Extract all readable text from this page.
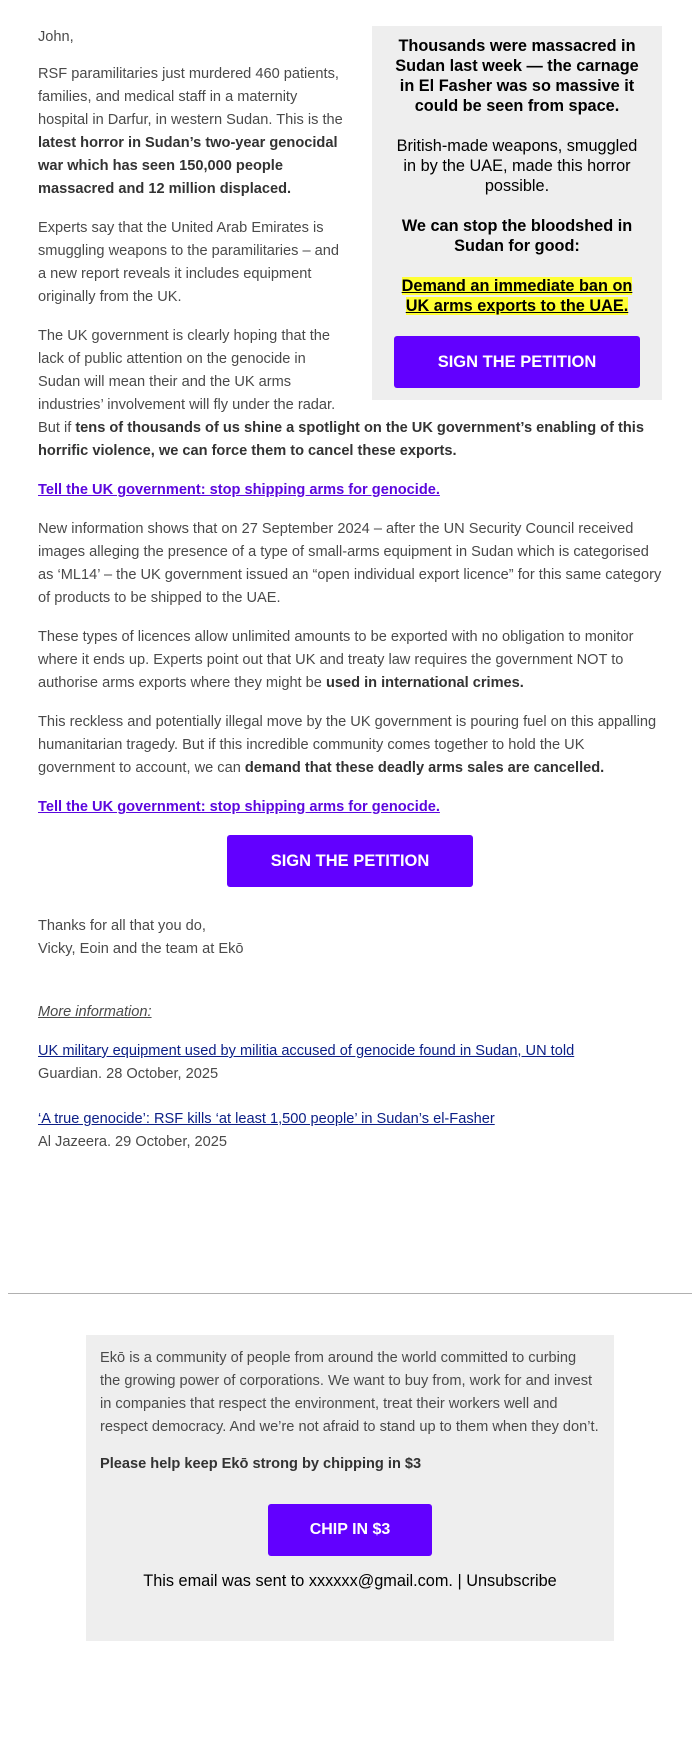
Thousands were massacred in Sudan last week — the carnage in El Fasher was so massive it could be seen from space.

British-made weapons, smuggled in by the UAE, made this horror possible.

We can stop the bloodshed in Sudan for good:

Demand an immediate ban on UK arms exports to the UAE.

SIGN THE PETITION

John,

RSF paramilitaries just murdered 460 patients, families, and medical staff in a maternity hospital in Darfur, in western Sudan. This is the latest horror in Sudan’s two-year genocidal war which has seen 150,000 people massacred and 12 million displaced.

Experts say that the United Arab Emirates is smuggling weapons to the paramilitaries – and a new report reveals it includes equipment originally from the UK.

The UK government is clearly hoping that the lack of public attention on the genocide in Sudan will mean their and the UK arms industries’ involvement will fly under the radar. But if tens of thousands of us shine a spotlight on the UK government’s enabling of this horrific violence, we can force them to cancel these exports.

Tell the UK government: stop shipping arms for genocide.

New information shows that on 27 September 2024 – after the UN Security Council received images alleging the presence of a type of small-arms equipment in Sudan which is categorised as ‘ML14’ – the UK government issued an “open individual export licence” for this same category of products to be shipped to the UAE.

These types of licences allow unlimited amounts to be exported with no obligation to monitor where it ends up. Experts point out that UK and treaty law requires the government NOT to authorise arms exports where they might be used in international crimes.

This reckless and potentially illegal move by the UK government is pouring fuel on this appalling humanitarian tragedy. But if this incredible community comes together to hold the UK government to account, we can demand that these deadly arms sales are cancelled.

Tell the UK government: stop shipping arms for genocide.

SIGN THE PETITION

Thanks for all that you do,
Vicky, Eoin and the team at Ekō

More information:

UK military equipment used by militia accused of genocide found in Sudan, UN told
Guardian. 28 October, 2025

‘A true genocide’: RSF kills ‘at least 1,500 people’ in Sudan’s el-Fasher
Al Jazeera. 29 October, 2025

Ekō is a community of people from around the world committed to curbing the growing power of corporations. We want to buy from, work for and invest in companies that respect the environment, treat their workers well and respect democracy. And we’re not afraid to stand up to them when they don’t.

Please help keep Ekō strong by chipping in $3

CHIP IN $3
This email was sent to xxxxxx@gmail.com. | Unsubscribe
